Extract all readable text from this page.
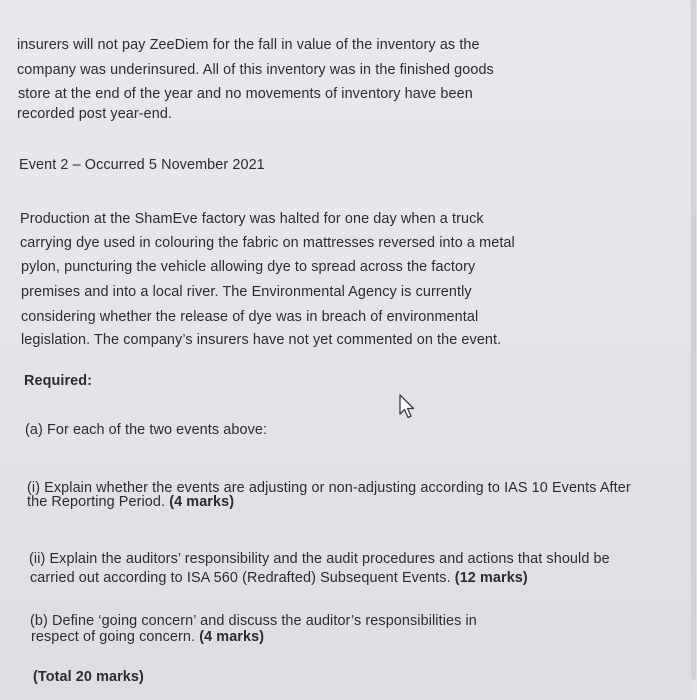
insurers will not pay ZeeDiem for the fall in value of the inventory as the
company was underinsured. All of this inventory was in the finished goods
store at the end of the year and no movements of inventory have been
recorded post year-end.
Event 2 – Occurred 5 November 2021
Production at the ShamEve factory was halted for one day when a truck
carrying dye used in colouring the fabric on mattresses reversed into a metal
pylon, puncturing the vehicle allowing dye to spread across the factory
premises and into a local river. The Environmental Agency is currently
considering whether the release of dye was in breach of environmental
legislation. The company’s insurers have not yet commented on the event.
Required:
(a) For each of the two events above:
(i) Explain whether the events are adjusting or non-adjusting according to IAS 10 Events After
the Reporting Period. (4 marks)
(ii) Explain the auditors’ responsibility and the audit procedures and actions that should be
carried out according to ISA 560 (Redrafted) Subsequent Events. (12 marks)
(b) Define ‘going concern’ and discuss the auditor’s responsibilities in
respect of going concern. (4 marks)
(Total 20 marks)
